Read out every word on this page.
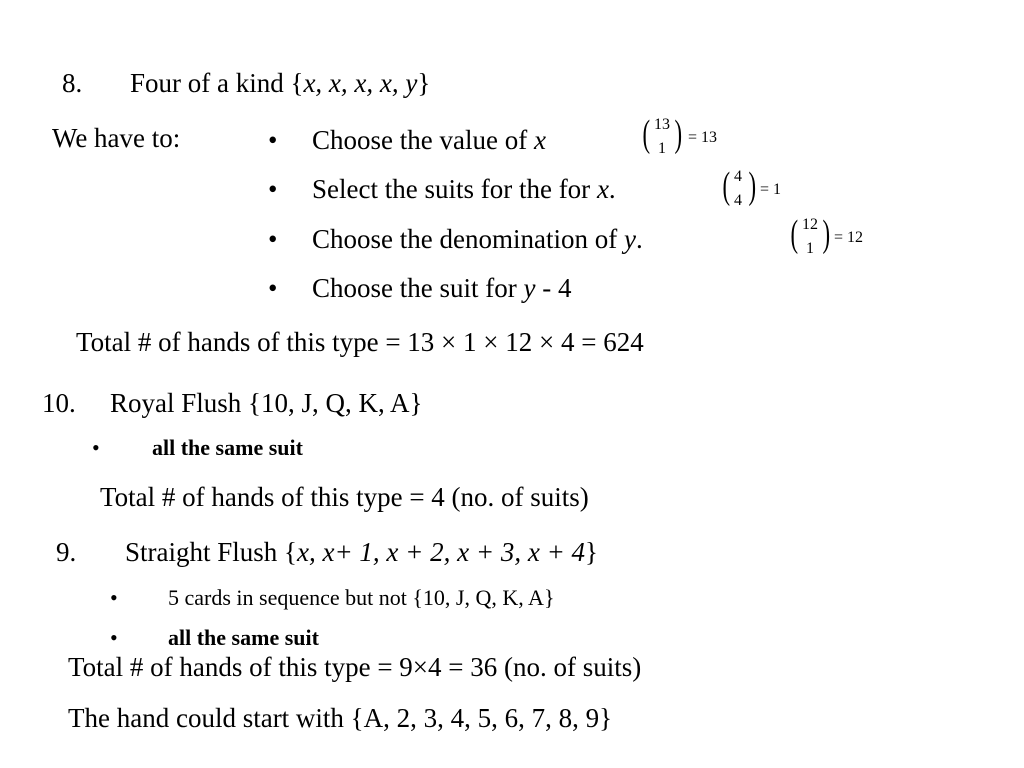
8. Four of a kind {x, x, x, x, y}
We have to:	• Choose the value of x
• Select the suits for the for x.
• Choose the denomination of y.
• Choose the suit for y - 4
( 13
1 ) = 13
( 4
4 ) = 1
( 12
1 ) = 12
Total # of hands of this type = 13 × 1 × 12 × 4 = 624
10. Royal Flush {10, J, Q, K, A}
• all the same suit
Total # of hands of this type = 4 (no. of suits)
9. Straight Flush {x, x+ 1, x + 2, x + 3, x + 4}
• 5 cards in sequence but not {10, J, Q, K, A}
• all the same suit
Total # of hands of this type = 9×4 = 36 (no. of suits)
The hand could start with {A, 2, 3, 4, 5, 6, 7, 8, 9}
